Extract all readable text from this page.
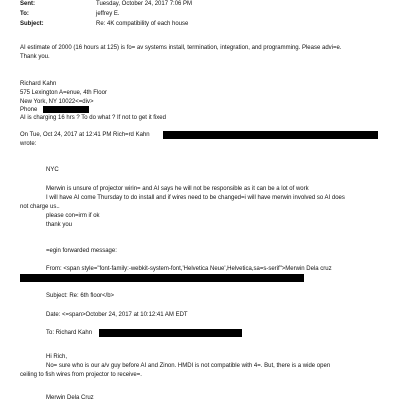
Sent:	Tuesday, October 24, 2017 7:06 PM
To:	jeffrey E.
Subject:	Re: 4K compatibility of each house
AI estimate of 2000 (16 hours at 125) is fo= av systems install, termination, integration, and programming. Please advi=e.
Thank you.
Richard Kahn
575 Lexington A=enue, 4th Floor
New York, NY 10022<=div>
Phone
AI is charging 16 hrs ? To do what ? If not to get it fixed
On Tue, Oct 24, 2017 at 12:41 PM Rich=rd Kahn
wrote:
NYC
Merwin is unsure of projector wirin= and AI says he will not be responsible as it can be a lot of work
I will have AI come Thursday to do install and if wires need to be changed=i will have merwin involved so AI does
not charge us..
please con=irm if ok
thank you
=egin forwarded message:
From: <span style="font-family:-webkit-system-font,'Helvetica Neue',Helvetica,sa=s-serif">Merwin Dela cruz
Subject: Re: 6th floor</b>
Date: <=span>October 24, 2017 at 10:12:41 AM EDT
To: Richard Kahn
Hi Rich,
No= sure who is our a/v guy before AI and Zinon. HMDI is not compatible with 4=. But, there is a wide open
ceiling to fish wires from projector to receive=.
Merwin Dela Cruz
